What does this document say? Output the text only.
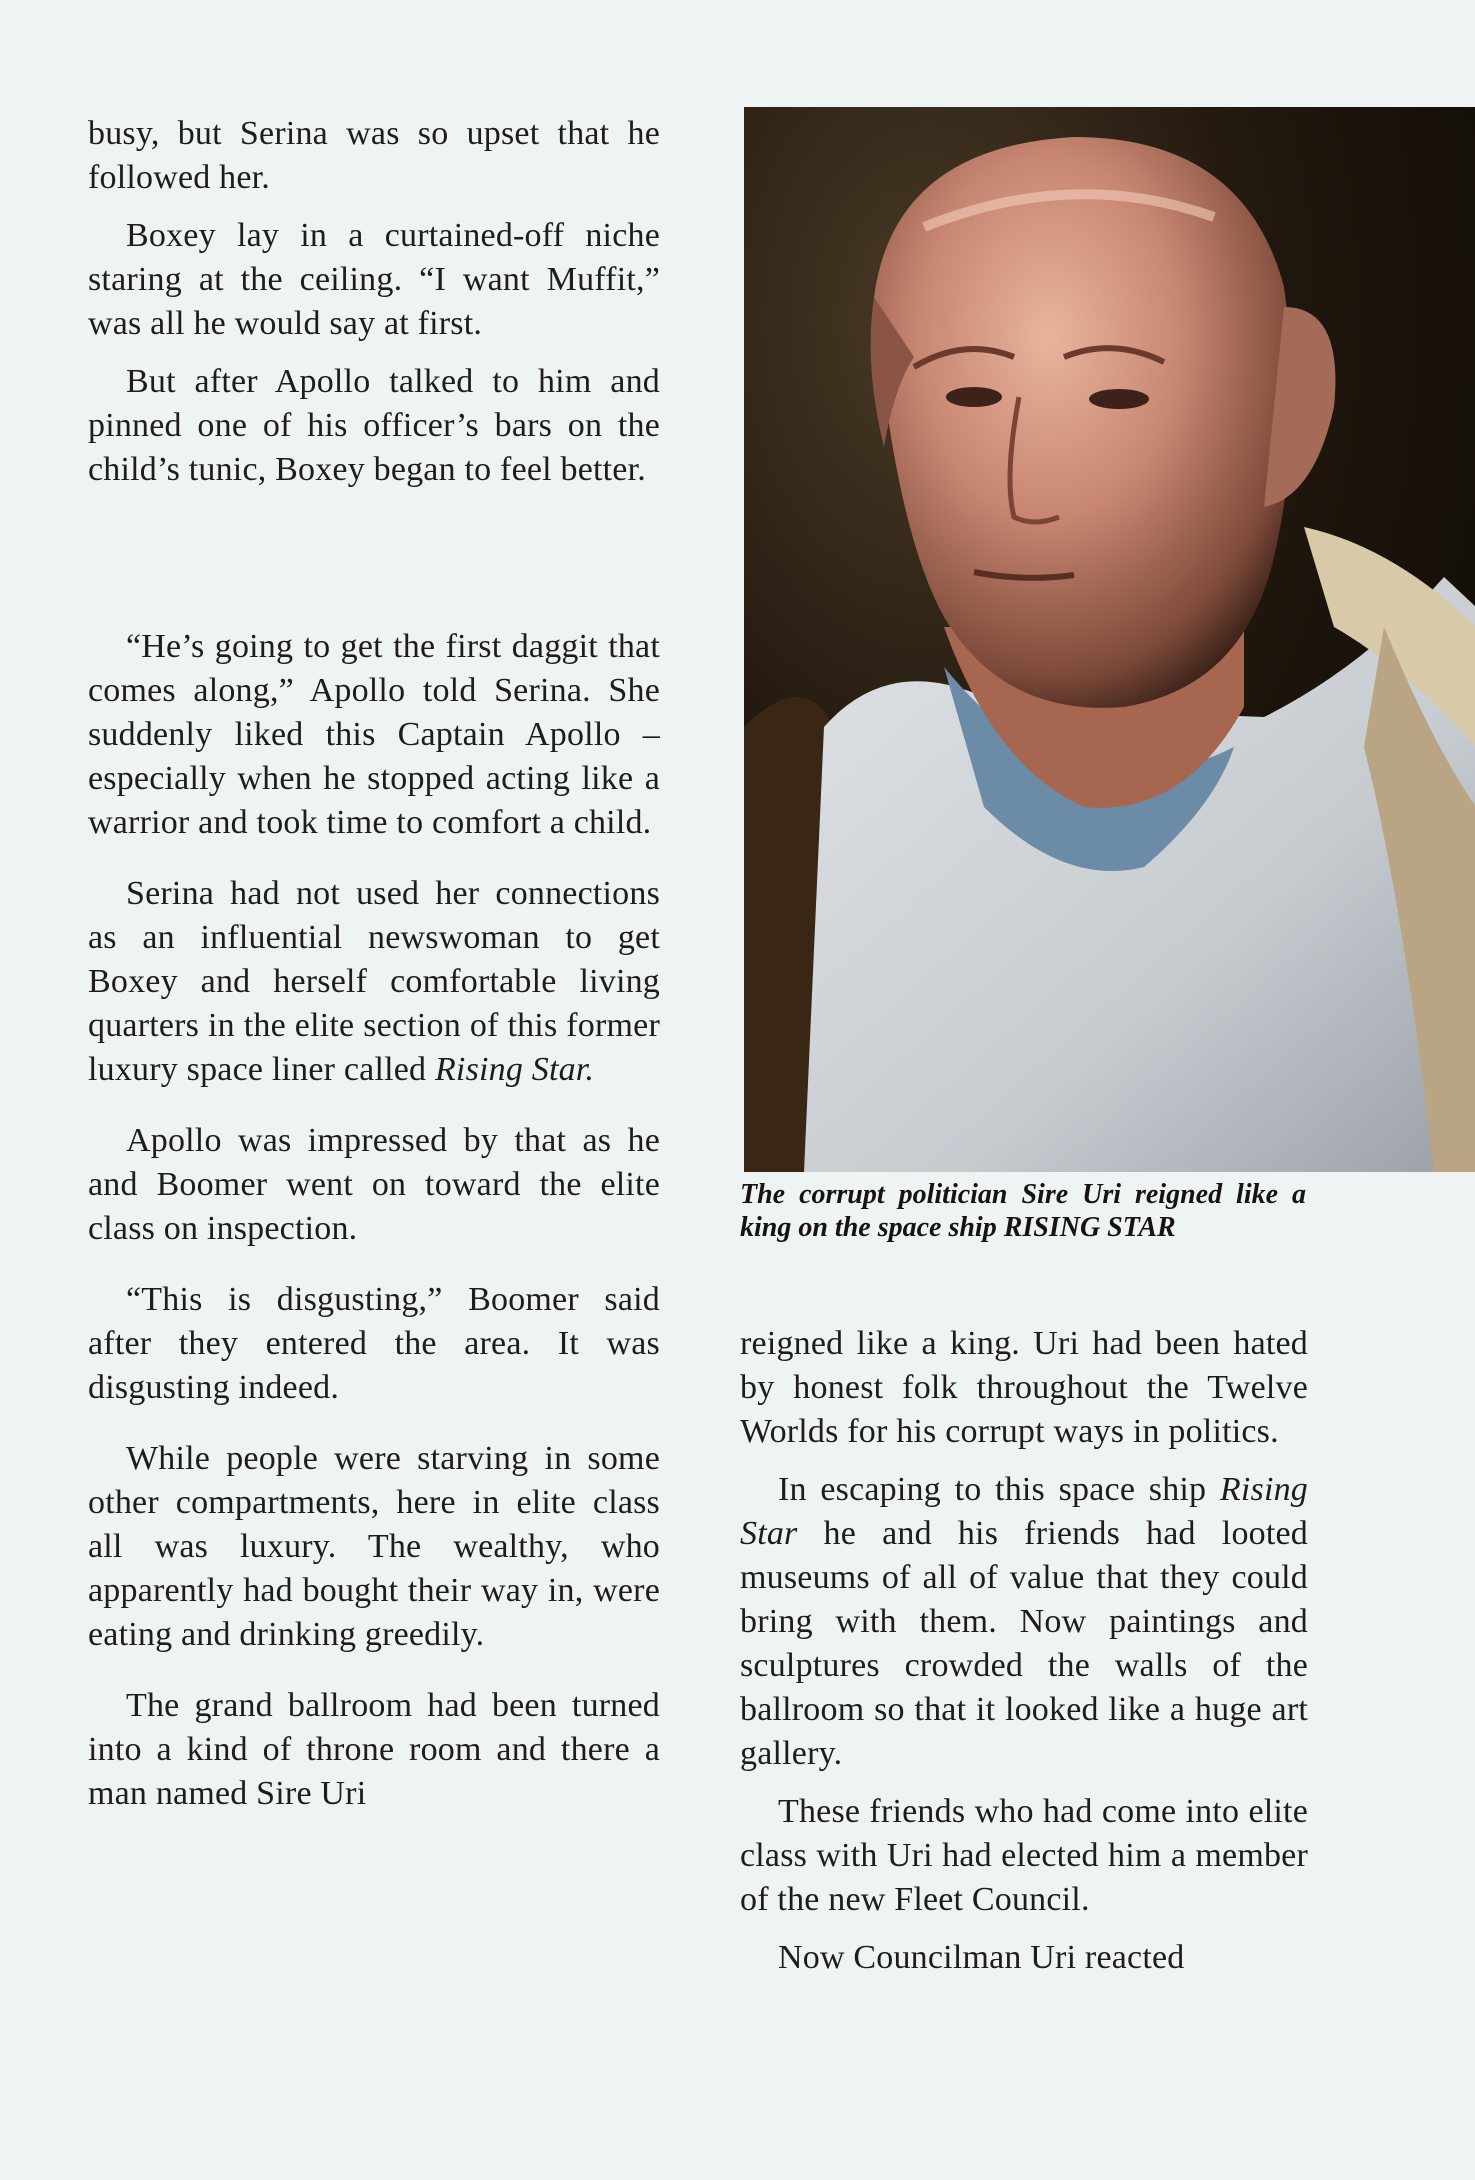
busy, but Serina was so upset that he followed her.

Boxey lay in a curtained-off niche staring at the ceiling. “I want Muffit,” was all he would say at first.

But after Apollo talked to him and pinned one of his officer’s bars on the child’s tunic, Boxey began to feel better.

“He’s going to get the first daggit that comes along,” Apollo told Serina. She suddenly liked this Captain Apollo – especially when he stopped acting like a warrior and took time to comfort a child.

Serina had not used her connections as an influential newswoman to get Boxey and herself comfortable living quarters in the elite section of this former luxury space liner called Rising Star.

Apollo was impressed by that as he and Boomer went on toward the elite class on inspection.

“This is disgusting,” Boomer said after they entered the area. It was disgusting indeed.

While people were starving in some other compartments, here in elite class all was luxury. The wealthy, who apparently had bought their way in, were eating and drinking greedily.

The grand ballroom had been turned into a kind of throne room and there a man named Sire Uri

The corrupt politician Sire Uri reigned like a king on the space ship RISING STAR

reigned like a king. Uri had been hated by honest folk throughout the Twelve Worlds for his corrupt ways in politics.

In escaping to this space ship Rising Star he and his friends had looted museums of all of value that they could bring with them. Now paintings and sculptures crowded the walls of the ballroom so that it looked like a huge art gallery.

These friends who had come into elite class with Uri had elected him a member of the new Fleet Council.

Now Councilman Uri reacted
